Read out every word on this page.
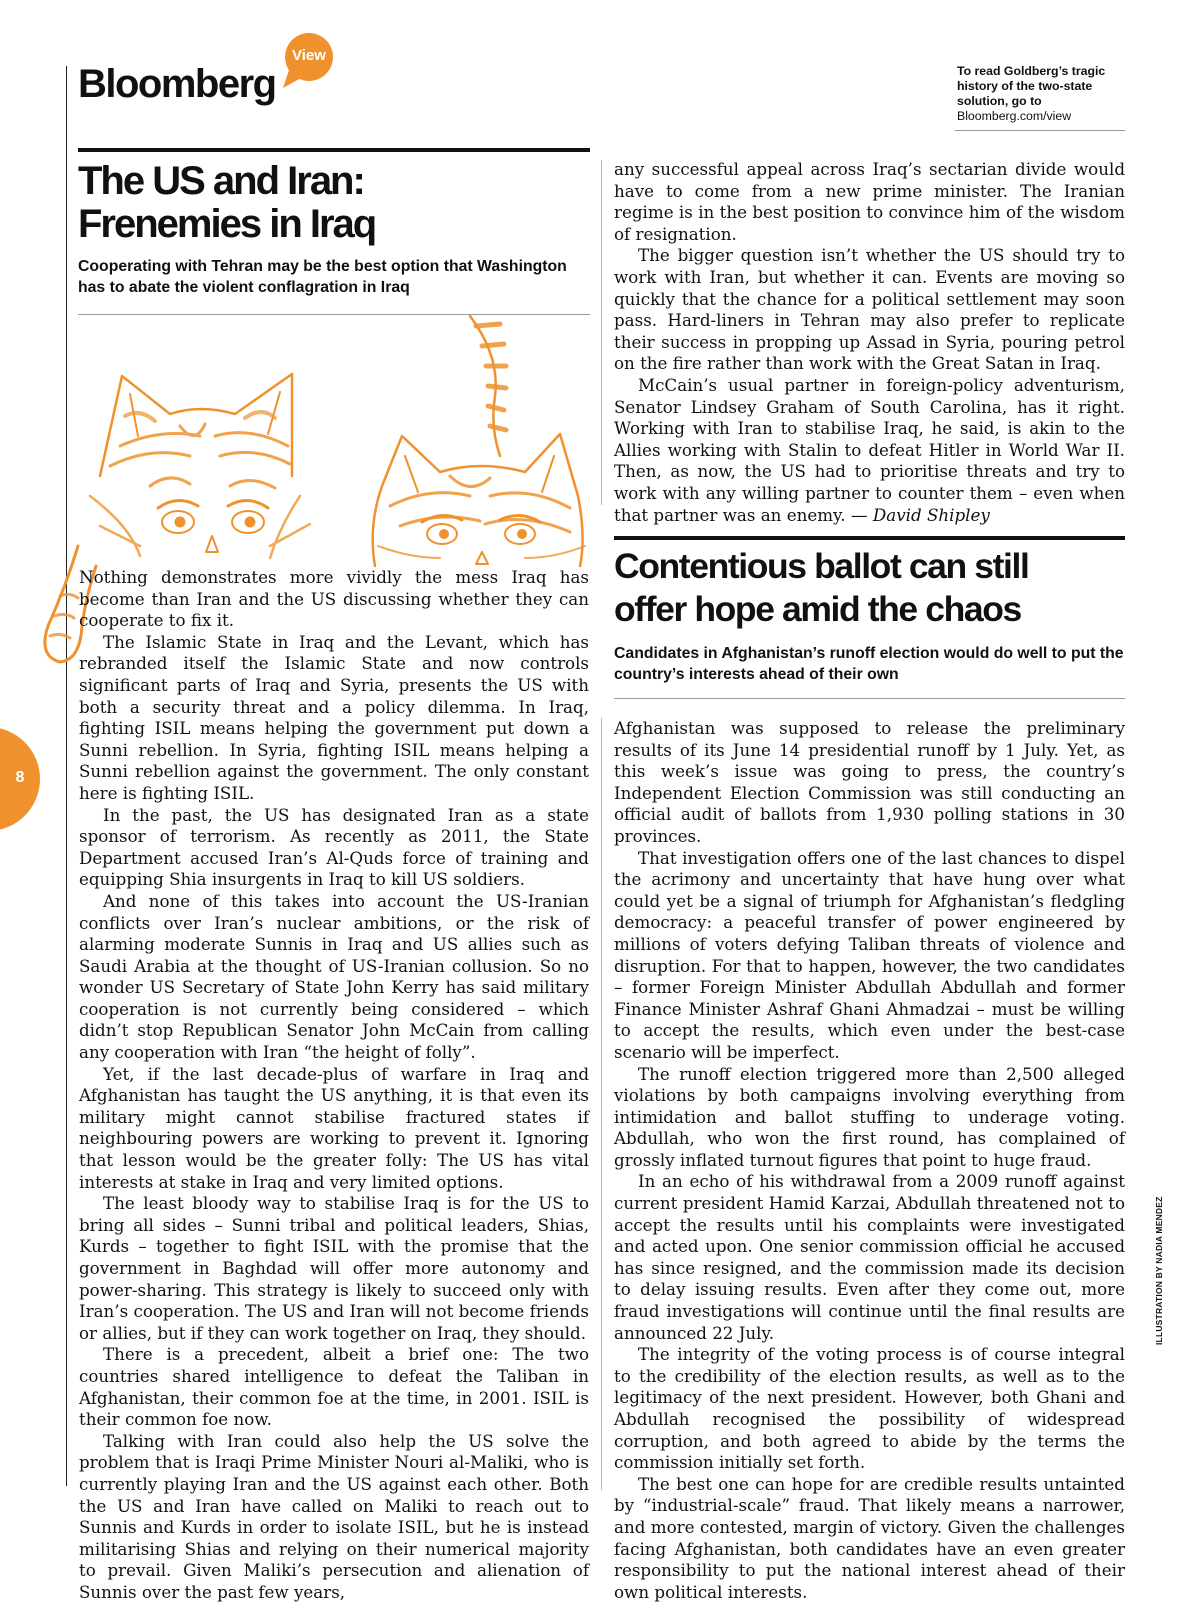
Bloomberg
View
To read Goldberg’s tragic history of the two-state solution, go to
Bloomberg.com/view
8
The US and Iran:
Frenemies in Iraq
Cooperating with Tehran may be the best option that Washington has to abate the violent conflagration in Iraq

Nothing demonstrates more vividly the mess Iraq has become than Iran and the US discussing whether they can cooperate to fix it.

The Islamic State in Iraq and the Levant, which has rebranded itself the Islamic State and now controls significant parts of Iraq and Syria, presents the US with both a security threat and a policy dilemma. In Iraq, fighting ISIL means helping the government put down a Sunni rebellion. In Syria, fighting ISIL means helping a Sunni rebellion against the government. The only constant here is fighting ISIL.

In the past, the US has designated Iran as a state sponsor of terrorism. As recently as 2011, the State Department accused Iran’s Al-Quds force of training and equipping Shia insurgents in Iraq to kill US soldiers.

And none of this takes into account the US-Iranian conflicts over Iran’s nuclear ambitions, or the risk of alarming moderate Sunnis in Iraq and US allies such as Saudi Arabia at the thought of US-Iranian collusion. So no wonder US Secretary of State John Kerry has said military cooperation is not currently being considered – which didn’t stop Republican Senator John McCain from calling any cooperation with Iran “the height of folly”.

Yet, if the last decade-plus of warfare in Iraq and Afghanistan has taught the US anything, it is that even its military might cannot stabilise fractured states if neighbouring powers are working to prevent it. Ignoring that lesson would be the greater folly: The US has vital interests at stake in Iraq and very limited options.

The least bloody way to stabilise Iraq is for the US to bring all sides – Sunni tribal and political leaders, Shias, Kurds – together to fight ISIL with the promise that the government in Baghdad will offer more autonomy and power-sharing. This strategy is likely to succeed only with Iran’s cooperation. The US and Iran will not become friends or allies, but if they can work together on Iraq, they should.

There is a precedent, albeit a brief one: The two countries shared intelligence to defeat the Taliban in Afghanistan, their common foe at the time, in 2001. ISIL is their common foe now.

Talking with Iran could also help the US solve the problem that is Iraqi Prime Minister Nouri al-Maliki, who is currently playing Iran and the US against each other. Both the US and Iran have called on Maliki to reach out to Sunnis and Kurds in order to isolate ISIL, but he is instead militarising Shias and relying on their numerical majority to prevail. Given Maliki’s persecution and alienation of Sunnis over the past few years,

any successful appeal across Iraq’s sectarian divide would have to come from a new prime minister. The Iranian regime is in the best position to convince him of the wisdom of resignation.

The bigger question isn’t whether the US should try to work with Iran, but whether it can. Events are moving so quickly that the chance for a political settlement may soon pass. Hard-liners in Tehran may also prefer to replicate their success in propping up Assad in Syria, pouring petrol on the fire rather than work with the Great Satan in Iraq.

McCain’s usual partner in foreign-policy adventurism, Senator Lindsey Graham of South Carolina, has it right. Working with Iran to stabilise Iraq, he said, is akin to the Allies working with Stalin to defeat Hitler in World War II. Then, as now, the US had to prioritise threats and try to work with any willing partner to counter them – even when that partner was an enemy. — David Shipley

Contentious ballot can still
offer hope amid the chaos
Candidates in Afghanistan’s runoff election would do well to put the country’s interests ahead of their own

Afghanistan was supposed to release the preliminary results of its June 14 presidential runoff by 1 July. Yet, as this week’s issue was going to press, the country’s Independent Election Commission was still conducting an official audit of ballots from 1,930 polling stations in 30 provinces.

That investigation offers one of the last chances to dispel the acrimony and uncertainty that have hung over what could yet be a signal of triumph for Afghanistan’s fledgling democracy: a peaceful transfer of power engineered by millions of voters defying Taliban threats of violence and disruption. For that to happen, however, the two candidates – former Foreign Minister Abdullah Abdullah and former Finance Minister Ashraf Ghani Ahmadzai – must be willing to accept the results, which even under the best-case scenario will be imperfect.

The runoff election triggered more than 2,500 alleged violations by both campaigns involving everything from intimidation and ballot stuffing to underage voting. Abdullah, who won the first round, has complained of grossly inflated turnout figures that point to huge fraud.

In an echo of his withdrawal from a 2009 runoff against current president Hamid Karzai, Abdullah threatened not to accept the results until his complaints were investigated and acted upon. One senior commission official he accused has since resigned, and the commission made its decision to delay issuing results. Even after they come out, more fraud investigations will continue until the final results are announced 22 July.

The integrity of the voting process is of course integral to the credibility of the election results, as well as to the legitimacy of the next president. However, both Ghani and Abdullah recognised the possibility of widespread corruption, and both agreed to abide by the terms the commission initially set forth.

The best one can hope for are credible results untainted by “industrial-scale” fraud. That likely means a narrower, and more contested, margin of victory. Given the challenges facing Afghanistan, both candidates have an even greater responsibility to put the national interest ahead of their own political interests.

ILLUSTRATION BY NADIA MENDEZ
